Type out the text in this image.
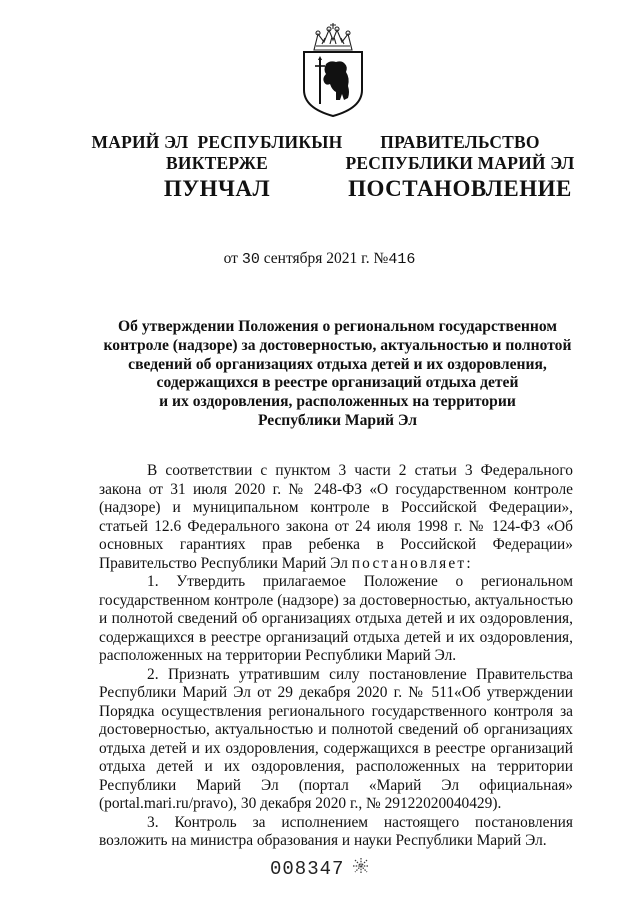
МАРИЙ ЭЛ  РЕСПУБЛИКЫН
ВИКТЕРЖЕ
ПРАВИТЕЛЬСТВО
РЕСПУБЛИКИ МАРИЙ ЭЛ
ПУНЧАЛ	ПОСТАНОВЛЕНИЕ
от 30 сентября 2021 г. №416
Об утверждении Положения о региональном государственном
контроле (надзоре) за достоверностью, актуальностью и полнотой
сведений об организациях отдыха детей и их оздоровления,
содержащихся в реестре организаций отдыха детей
и их оздоровления, расположенных на территории
Республики Марий Эл

В соответствии с пунктом 3 части 2 статьи 3 Федерального закона от 31 июля 2020 г. № 248-ФЗ «О государственном контроле (надзоре) и муниципальном контроле в Российской Федерации», статьей 12.6 Федерального закона от 24 июля 1998 г. № 124-ФЗ «Об основных гарантиях прав ребенка в Российской Федерации» Правительство Республики Марий Эл постановляет:

1. Утвердить прилагаемое Положение о региональном государственном контроле (надзоре) за достоверностью, актуальностью и полнотой сведений об организациях отдыха детей и их оздоровления, содержащихся в реестре организаций отдыха детей и их оздоровления, расположенных на территории Республики Марий Эл.

2. Признать утратившим силу постановление Правительства Республики Марий Эл от 29 декабря 2020 г. № 511«Об утверждении Порядка осуществления регионального государственного контроля за достоверностью, актуальностью и полнотой сведений об организациях отдыха детей и их оздоровления, содержащихся в реестре организаций отдыха детей и их оздоровления, расположенных на территории Республики Марий Эл (портал «Марий Эл официальная» (portal.mari.ru/pravo), 30 декабря 2020 г., № 29122020040429).

3. Контроль за исполнением настоящего постановления возложить на министра образования и науки Республики Марий Эл.

008347
